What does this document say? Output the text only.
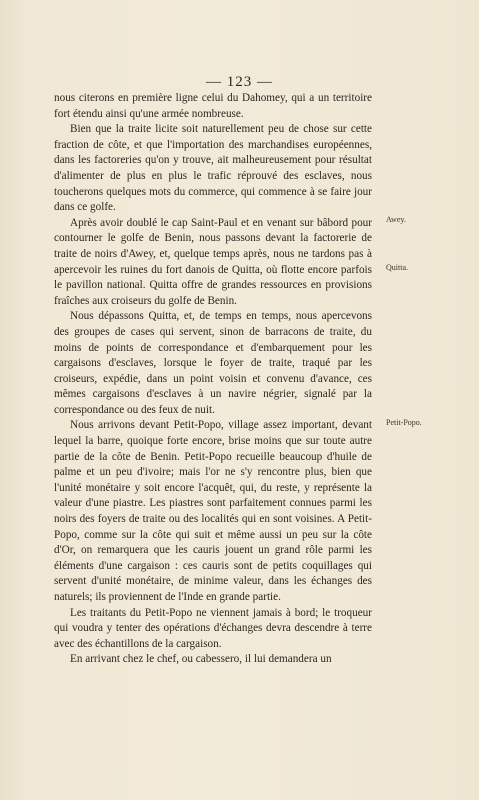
— 123 —

nous citerons en première ligne celui du Dahomey, qui a un territoire fort étendu ainsi qu'une armée nombreuse.

Bien que la traite licite soit naturellement peu de chose sur cette fraction de côte, et que l'importation des marchandises européennes, dans les factoreries qu'on y trouve, ait malheureusement pour résultat d'alimenter de plus en plus le trafic réprouvé des esclaves, nous toucherons quelques mots du commerce, qui commence à se faire jour dans ce golfe.

Après avoir doublé le cap Saint-Paul et en venant sur bâbord pour contourner le golfe de Benin, nous passons devant la factorerie de traite de noirs d'Awey, et, quelque temps après, nous ne tardons pas à apercevoir les ruines du fort danois de Quitta, où flotte encore parfois le pavillon national. Quitta offre de grandes ressources en provisions fraîches aux croiseurs du golfe de Benin.

Nous dépassons Quitta, et, de temps en temps, nous apercevons des groupes de cases qui servent, sinon de barracons de traite, du moins de points de correspondance et d'embarquement pour les cargaisons d'esclaves, lorsque le foyer de traite, traqué par les croiseurs, expédie, dans un point voisin et convenu d'avance, ces mêmes cargaisons d'esclaves à un navire négrier, signalé par la correspondance ou des feux de nuit.

Nous arrivons devant Petit-Popo, village assez important, devant lequel la barre, quoique forte encore, brise moins que sur toute autre partie de la côte de Benin. Petit-Popo recueille beaucoup d'huile de palme et un peu d'ivoire; mais l'or ne s'y rencontre plus, bien que l'unité monétaire y soit encore l'acquêt, qui, du reste, y représente la valeur d'une piastre. Les piastres sont parfaitement connues parmi les noirs des foyers de traite ou des localités qui en sont voisines. A Petit-Popo, comme sur la côte qui suit et même aussi un peu sur la côte d'Or, on remarquera que les cauris jouent un grand rôle parmi les éléments d'une cargaison : ces cauris sont de petits coquillages qui servent d'unité monétaire, de minime valeur, dans les échanges des naturels; ils proviennent de l'Inde en grande partie.

Les traitants du Petit-Popo ne viennent jamais à bord; le troqueur qui voudra y tenter des opérations d'échanges devra descendre à terre avec des échantillons de la cargaison.

En arrivant chez le chef, ou cabessero, il lui demandera un

Awey.
Quitta.
Petit-Popo.
